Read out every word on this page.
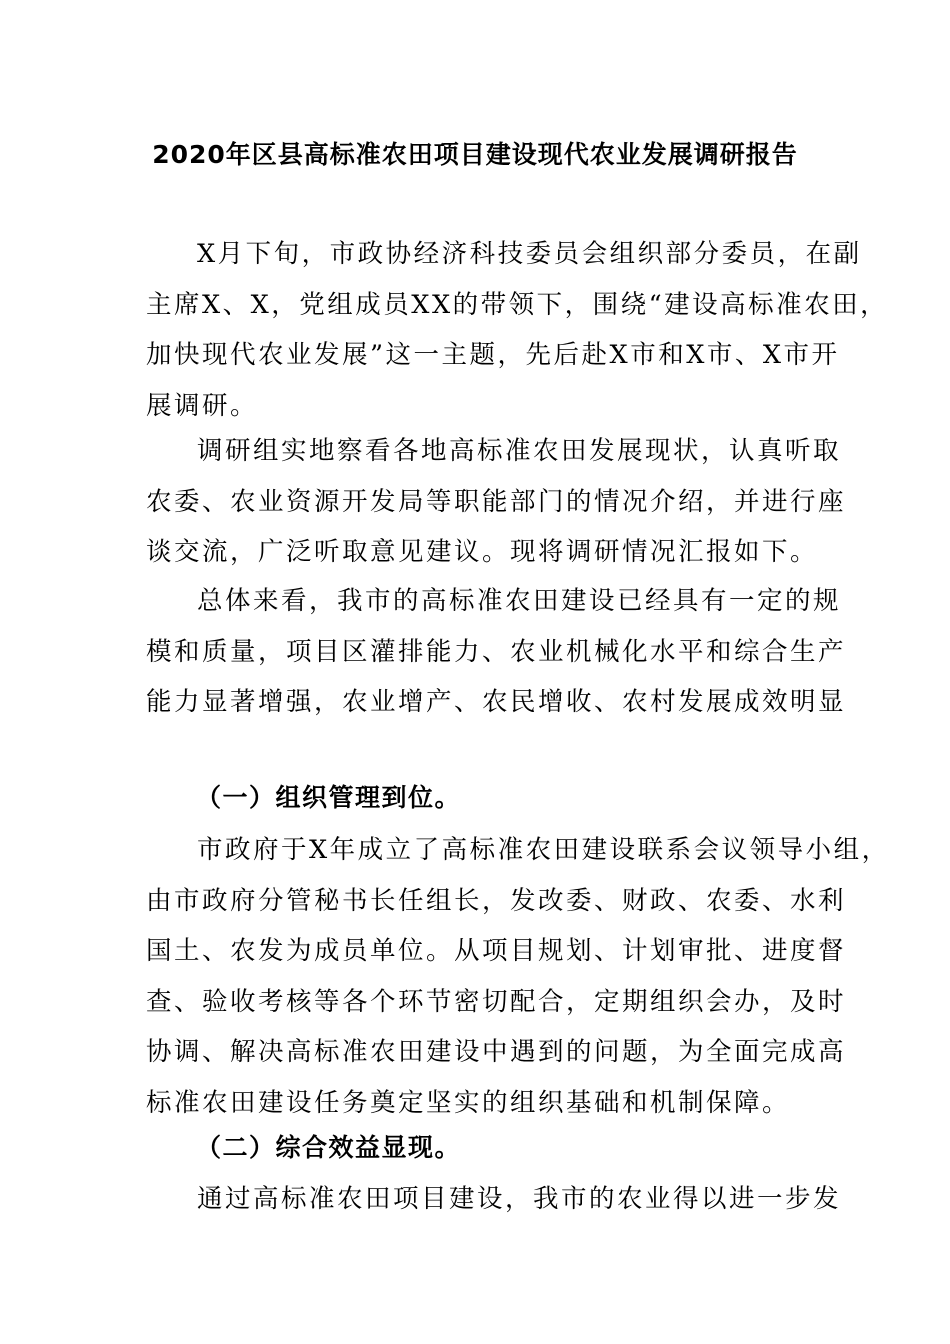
2020年区县高标准农田项目建设现代农业发展调研报告
X月下旬，市政协经济科技委员会组织部分委员，在副
主席X、X，党组成员XX的带领下，围绕“建设高标准农田，
加快现代农业发展”这一主题，先后赴X市和X市、X市开
展调研。
调研组实地察看各地高标准农田发展现状，认真听取
农委、农业资源开发局等职能部门的情况介绍，并进行座
谈交流，广泛听取意见建议。现将调研情况汇报如下。
总体来看，我市的高标准农田建设已经具有一定的规
模和质量，项目区灌排能力、农业机械化水平和综合生产
能力显著增强，农业增产、农民增收、农村发展成效明显
（一）组织管理到位。
市政府于X年成立了高标准农田建设联系会议领导小组，
由市政府分管秘书长任组长，发改委、财政、农委、水利
国土、农发为成员单位。从项目规划、计划审批、进度督
查、验收考核等各个环节密切配合，定期组织会办，及时
协调、解决高标准农田建设中遇到的问题，为全面完成高
标准农田建设任务奠定坚实的组织基础和机制保障。
（二）综合效益显现。
通过高标准农田项目建设，我市的农业得以进一步发
